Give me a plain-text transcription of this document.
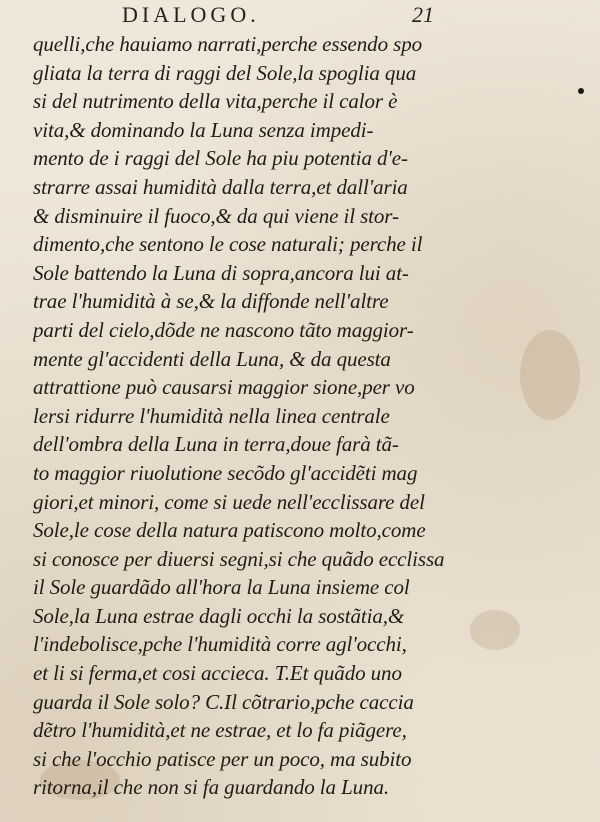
DIALOGO.	21
quelli,che hauiamo narrati,perche essendo spo
gliata la terra di raggi del Sole,la spoglia qua
si del nutrimento della vita,perche il calor è
vita,& dominando la Luna senza impedi-
mento de i raggi del Sole ha piu potentia d'e-
strarre assai humidità dalla terra,et dall'aria
& disminuire il fuoco,& da qui viene il stor-
dimento,che sentono le cose naturali; perche il
Sole battendo la Luna di sopra,ancora lui at-
trae l'humidità à se,& la diffonde nell'altre
parti del cielo,dõde ne nascono tãto maggior-
mente gl'accidenti della Luna, & da questa
attrattione può causarsi maggior sione,per vo
lersi ridurre l'humidità nella linea centrale
dell'ombra della Luna in terra,doue farà tã-
to maggior riuolutione secõdo gl'accidẽti mag
giori,et minori, come si uede nell'ecclissare del
Sole,le cose della natura patiscono molto,come
si conosce per diuersi segni,si che quãdo ecclissa
il Sole guardãdo all'hora la Luna insieme col
Sole,la Luna estrae dagli occhi la sostãtia,&
l'indebolisce,pche l'humidità corre agl'occhi,
et li si ferma,et cosi accieca. T.Et quãdo uno
guarda il Sole solo? C.Il cõtrario,pche caccia
dẽtro l'humidità,et ne estrae, et lo fa piãgere,
si che l'occhio patisce per un poco, ma subito
ritorna,il che non si fa guardando la Luna.
